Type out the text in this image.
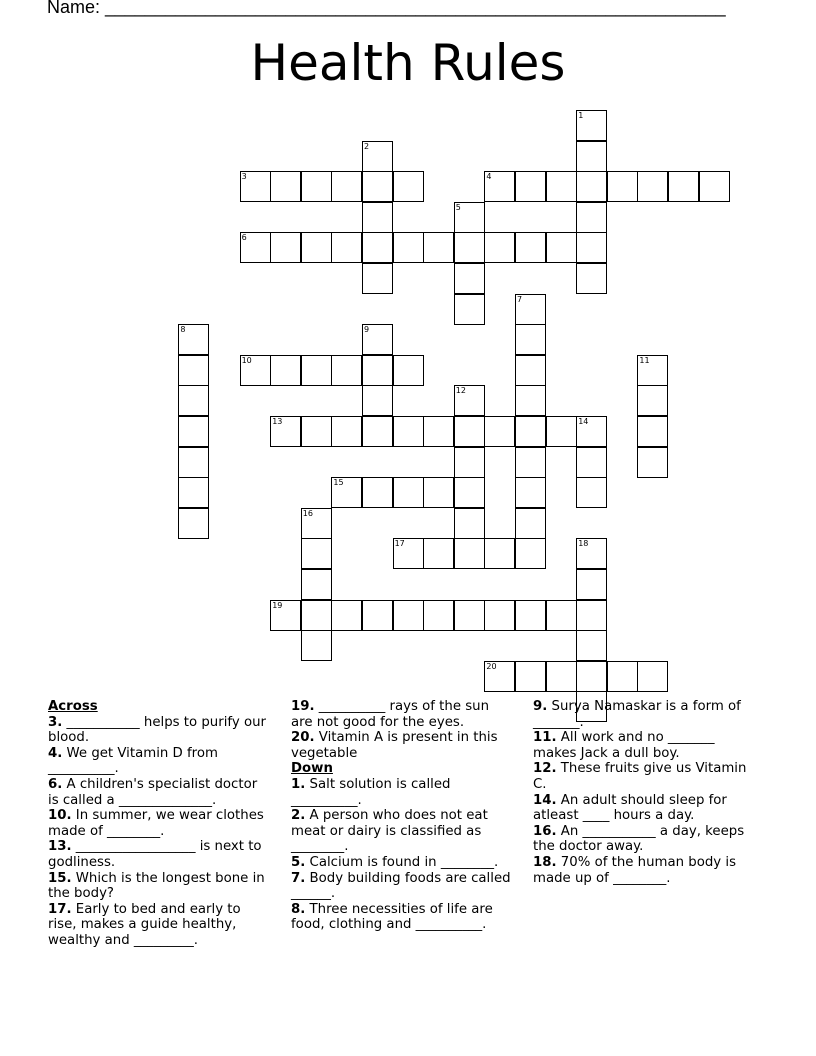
Name: ______________________________________________________________
Health Rules
1
2
3	4
5
6
7
8	9
10	11
12
13	14
15
16
17	18
19
20
Across

3. ___________ helps to purify our blood.

4. We get Vitamin D from __________.

6. A children's specialist doctor is called a ______________.

10. In summer, we wear clothes made of ________.

13. __________________ is next to godliness.

15. Which is the longest bone in the body?

17. Early to bed and early to rise, makes a guide healthy, wealthy and _________.

19. __________ rays of the sun are not good for the eyes.

20. Vitamin A is present in this vegetable

Down

1. Salt solution is called __________.

2. A person who does not eat meat or dairy is classified as ________.

5. Calcium is found in ________.

7. Body building foods are called ______.

8. Three necessities of life are food, clothing and __________.

9. Surya Namaskar is a form of _______.

11. All work and no _______ makes Jack a dull boy.

12. These fruits give us Vitamin C.

14. An adult should sleep for atleast ____ hours a day.

16. An ___________ a day, keeps the doctor away.

18. 70% of the human body is made up of ________.
